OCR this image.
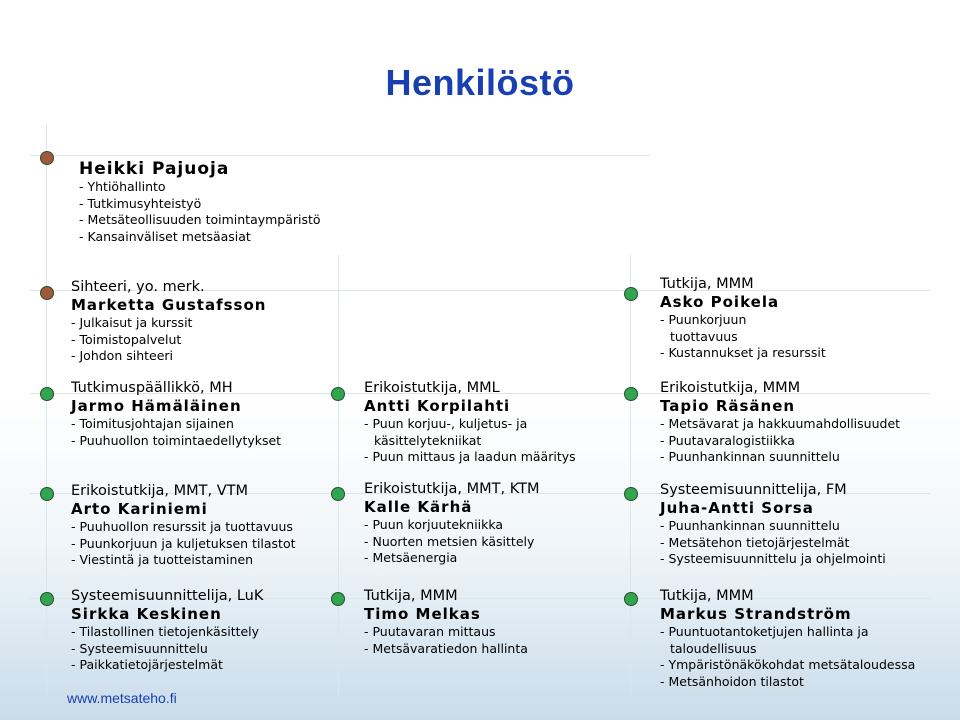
Henkilöstö
Heikki Pajuoja
- Yhtiöhallinto
- Tutkimusyhteistyö
- Metsäteollisuuden toimintaympäristö
- Kansainväliset metsäasiat
Sihteeri, yo. merk.
Marketta Gustafsson
- Julkaisut ja kurssit
- Toimistopalvelut
- Johdon sihteeri
Tutkimuspäällikkö, MH
Jarmo Hämäläinen
- Toimitusjohtajan sijainen
- Puuhuollon toimintaedellytykset
Erikoistutkija, MMT, VTM
Arto Kariniemi
- Puuhuollon resurssit ja tuottavuus
- Puunkorjuun ja kuljetuksen tilastot
- Viestintä ja tuotteistaminen
Systeemisuunnittelija, LuK
Sirkka Keskinen
- Tilastollinen tietojenkäsittely
- Systeemisuunnittelu
- Paikkatietojärjestelmät
Erikoistutkija, MML
Antti Korpilahti
- Puun korjuu-, kuljetus- ja
käsittelytekniikat
- Puun mittaus ja laadun määritys
Erikoistutkija, MMT, KTM
Kalle Kärhä
- Puun korjuutekniikka
- Nuorten metsien käsittely
- Metsäenergia
Tutkija, MMM
Timo Melkas
- Puutavaran mittaus
- Metsävaratiedon hallinta
Tutkija, MMM
Asko Poikela
- Puunkorjuun
tuottavuus
- Kustannukset ja resurssit
Erikoistutkija, MMM
Tapio Räsänen
- Metsävarat ja hakkuumahdollisuudet
- Puutavaralogistiikka
- Puunhankinnan suunnittelu
Systeemisuunnittelija, FM
Juha-Antti Sorsa
- Puunhankinnan suunnittelu
- Metsätehon tietojärjestelmät
- Systeemisuunnittelu ja ohjelmointi
Tutkija, MMM
Markus Strandström
- Puuntuotantoketjujen hallinta ja
taloudellisuus
- Ympäristönäkökohdat metsätaloudessa
- Metsänhoidon tilastot
www.metsateho.fi
